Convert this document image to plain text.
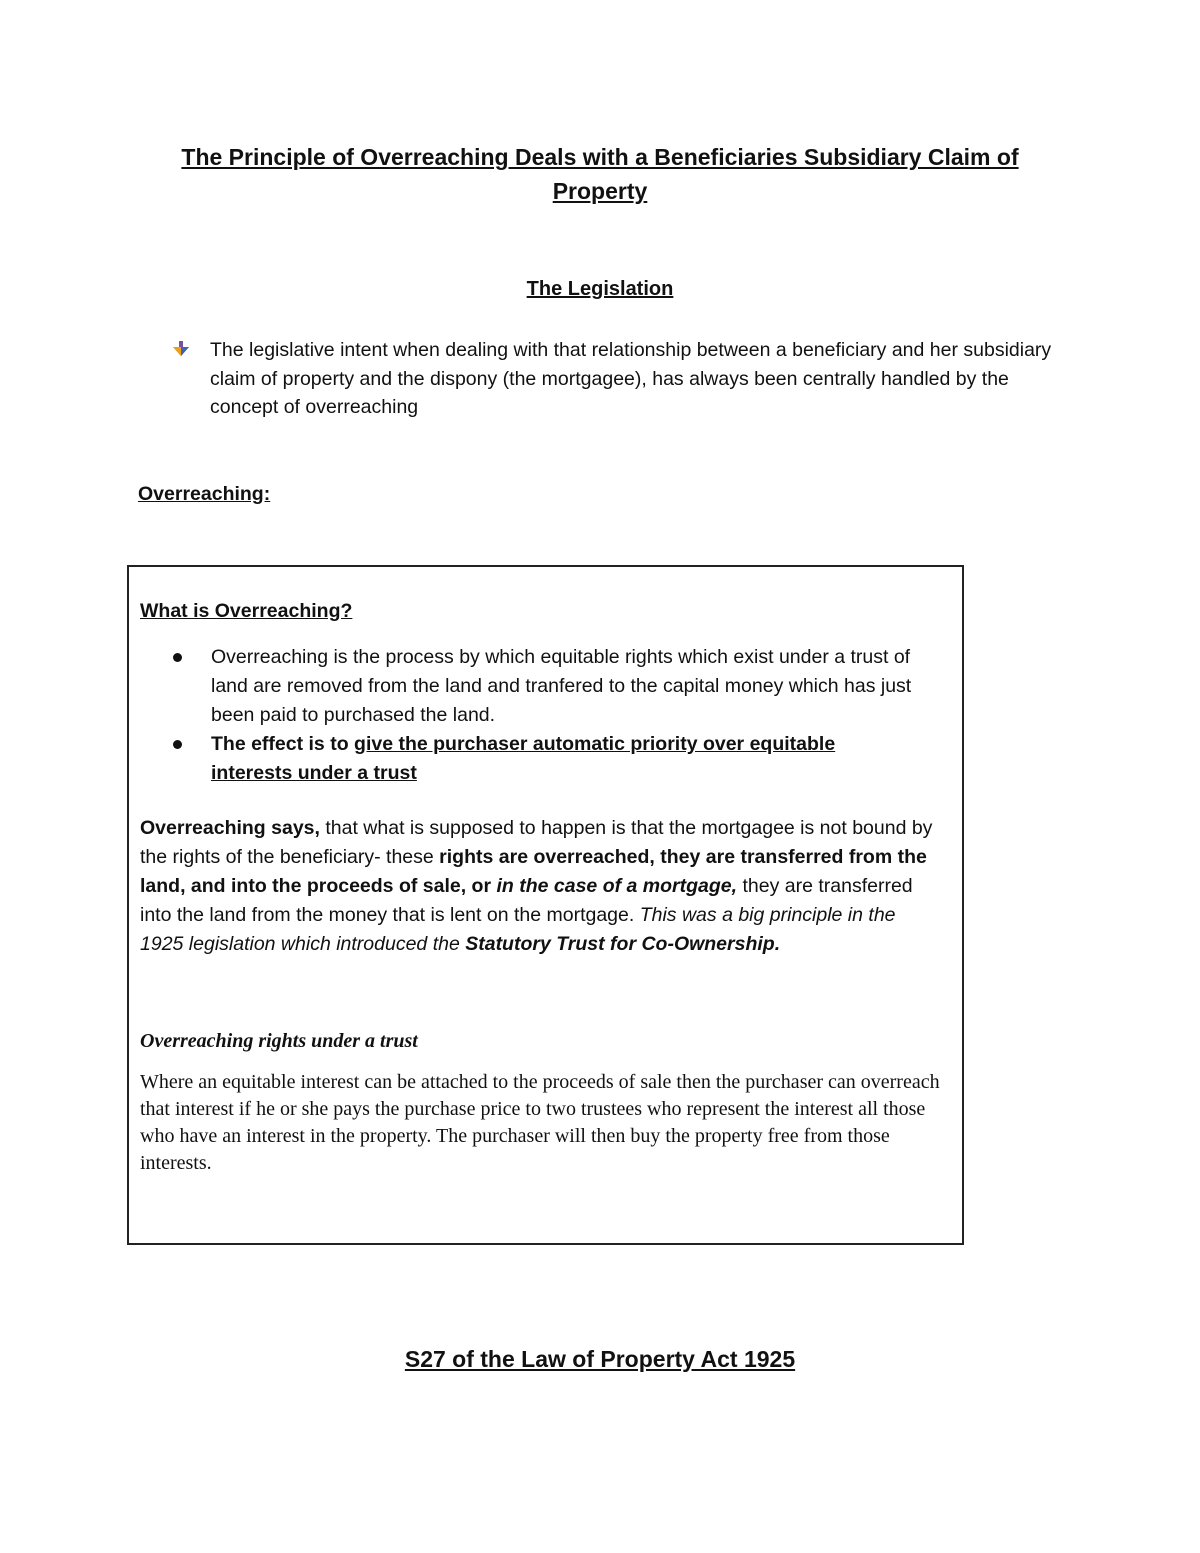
The Principle of Overreaching Deals with a Beneficiaries Subsidiary Claim of Property
The Legislation

The legislative intent when dealing with that relationship between a beneficiary and her subsidiary claim of property and the dispony (the mortgagee), has always been centrally handled by the concept of overreaching

Overreaching:
What is Overreaching?
Overreaching is the process by which equitable rights which exist under a trust of land are removed from the land and tranfered to the capital money which has just been paid to purchased the land.
The effect is to give the purchaser automatic priority over equitable interests under a trust

Overreaching says, that what is supposed to happen is that the mortgagee is not bound by the rights of the beneficiary- these rights are overreached, they are transferred from the land, and into the proceeds of sale, or in the case of a mortgage, they are transferred into the land from the money that is lent on the mortgage. This was a big principle in the 1925 legislation which introduced the Statutory Trust for Co-Ownership.

Overreaching rights under a trust

Where an equitable interest can be attached to the proceeds of sale then the purchaser can overreach that interest if he or she pays the purchase price to two trustees who represent the interest all those who have an interest in the property. The purchaser will then buy the property free from those interests.

S27 of the Law of Property Act 1925
